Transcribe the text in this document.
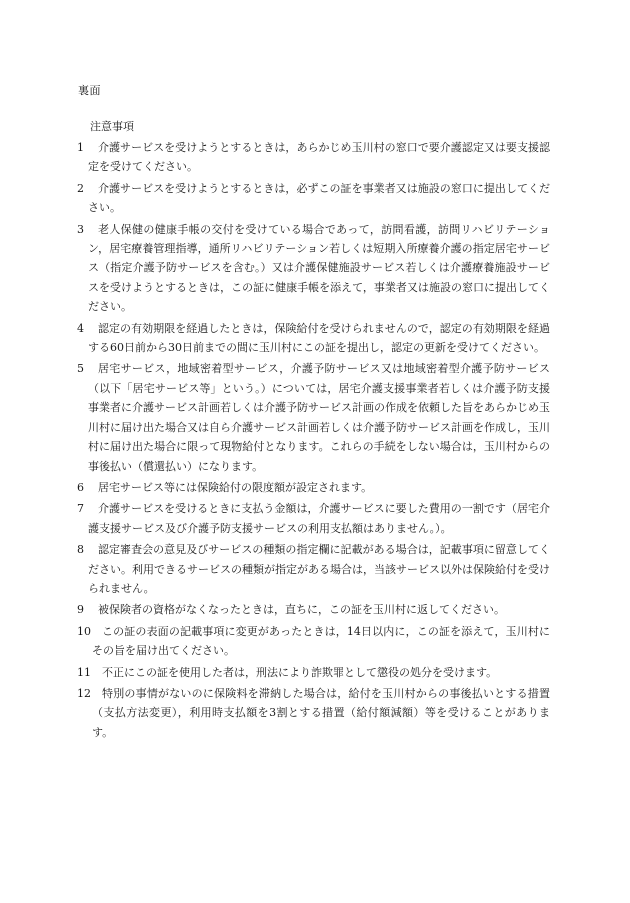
裏面
注意事項
1	介護サービスを受けようとするときは，あらかじめ玉川村の窓口で要介護認定又は要支援認定を受けてください。
2	介護サービスを受けようとするときは，必ずこの証を事業者又は施設の窓口に提出してください。
3	老人保健の健康手帳の交付を受けている場合であって，訪問看護，訪問リハビリテーション，居宅療養管理指導，通所リハビリテーション若しくは短期入所療養介護の指定居宅サービス（指定介護予防サービスを含む。）又は介護保健施設サービス若しくは介護療養施設サービスを受けようとするときは，この証に健康手帳を添えて，事業者又は施設の窓口に提出してください。
4	認定の有効期限を経過したときは，保険給付を受けられませんので，認定の有効期限を経過する60日前から30日前までの間に玉川村にこの証を提出し，認定の更新を受けてください。
5	居宅サービス，地域密着型サービス，介護予防サービス又は地域密着型介護予防サービス（以下「居宅サービス等」という。）については，居宅介護支援事業者若しくは介護予防支援事業者に介護サービス計画若しくは介護予防サービス計画の作成を依頼した旨をあらかじめ玉川村に届け出た場合又は自ら介護サービス計画若しくは介護予防サービス計画を作成し，玉川村に届け出た場合に限って現物給付となります。これらの手続をしない場合は，玉川村からの事後払い（償還払い）になります。
6	居宅サービス等には保険給付の限度額が設定されます。
7	介護サービスを受けるときに支払う金額は，介護サービスに要した費用の一割です（居宅介護支援サービス及び介護予防支援サービスの利用支払額はありません。）。
8	認定審査会の意見及びサービスの種類の指定欄に記載がある場合は，記載事項に留意してください。利用できるサービスの種類が指定がある場合は，当該サービス以外は保険給付を受けられません。
9	被保険者の資格がなくなったときは，直ちに，この証を玉川村に返してください。
10	この証の表面の記載事項に変更があったときは，14日以内に，この証を添えて，玉川村にその旨を届け出てください。
11	不正にこの証を使用した者は，刑法により詐欺罪として懲役の処分を受けます。
12	特別の事情がないのに保険料を滞納した場合は，給付を玉川村からの事後払いとする措置（支払方法変更），利用時支払額を3割とする措置（給付額減額）等を受けることがあります。
